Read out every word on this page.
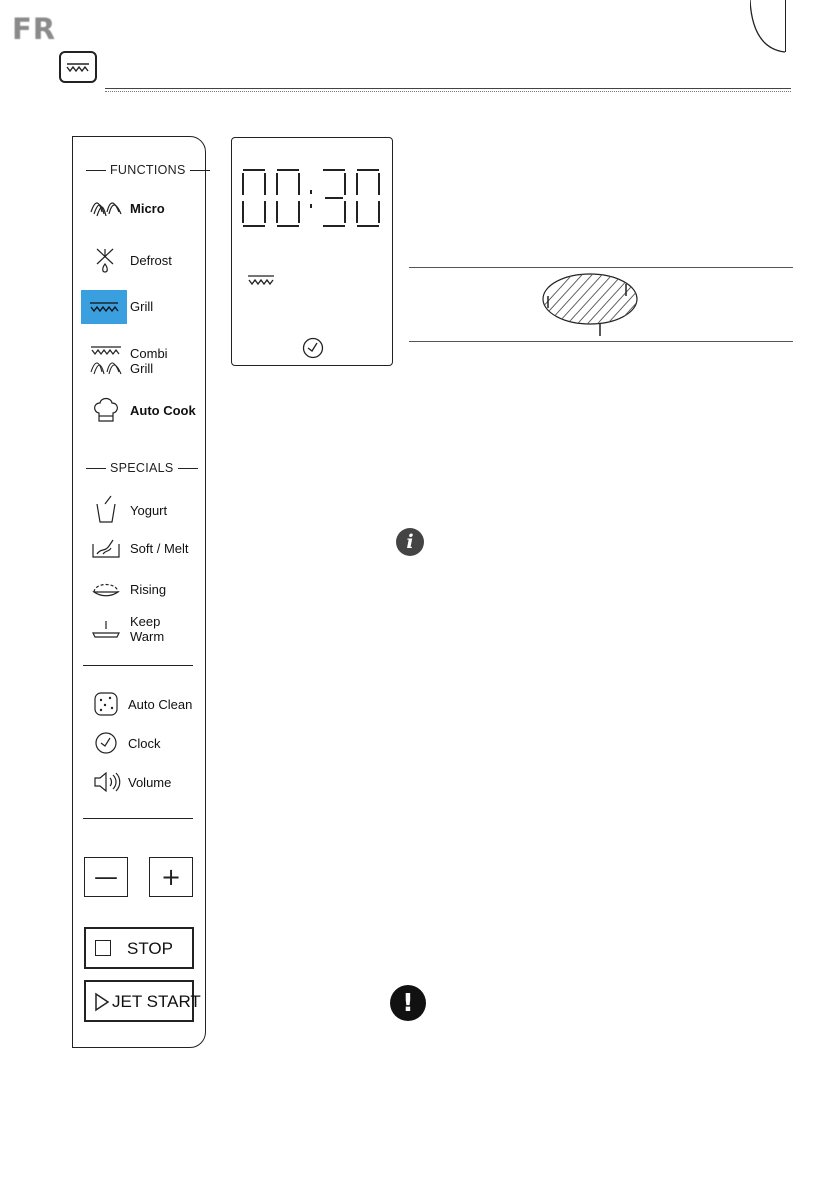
FR
FUNCTIONS
Micro
Defrost
Grill
Combi
Grill
Auto Cook
SPECIALS
Yogurt
Soft / Melt
Rising
Keep
Warm
Auto Clean
Clock
Volume
—	+
STOP
JET START
i
!
